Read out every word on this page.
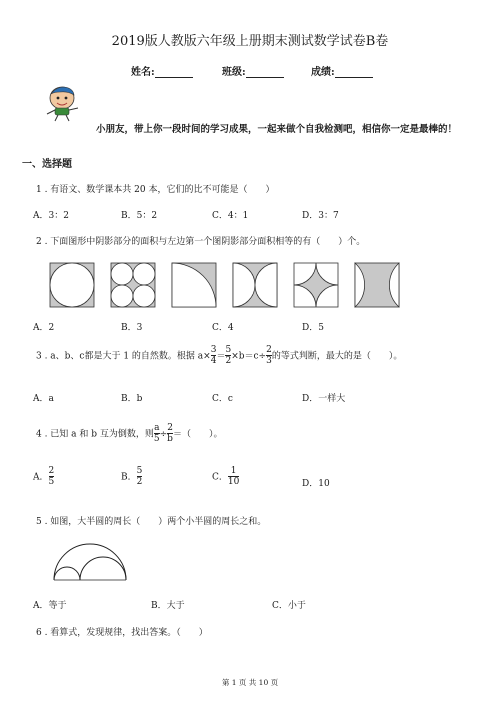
2019版人教版六年级上册期末测试数学试卷B卷
姓名:	班级:	成绩:
小朋友，带上你一段时间的学习成果，一起来做个自我检测吧，相信你一定是最棒的！
一、选择题
1 . 有语文、数学课本共 20 本，它们的比不可能是（　　）
A．3：2	B．5：2	C．4：1	D．3：7
2 . 下面图形中阴影部分的面积与左边第一个图阴影部分面积相等的有（　　）个。
A．2	B．3	C．4	D．5
3 . a、b、c都是大于 1 的自然数。根据 $a\times \frac{3}{4} = \frac{5}{2} \times b=c\div \frac{2}{3}$ 的等式判断，最大的是（　　）。
A．a	B．b	C．c	D．一样大
4 . 已知 a 和 b 互为倒数，则 $\frac{a}{5} \div \frac{2}{b}$ ＝（　　）。
A． $\frac{2}{5}$	B． $\frac{5}{2}$	C． $\frac{1}{10}$	D．10
5 . 如图，大半圆的周长（　　）两个小半圆的周长之和。
A．等于	B．大于	C．小于
6 . 看算式，发现规律，找出答案。（　　）
第 1 页 共 10 页
